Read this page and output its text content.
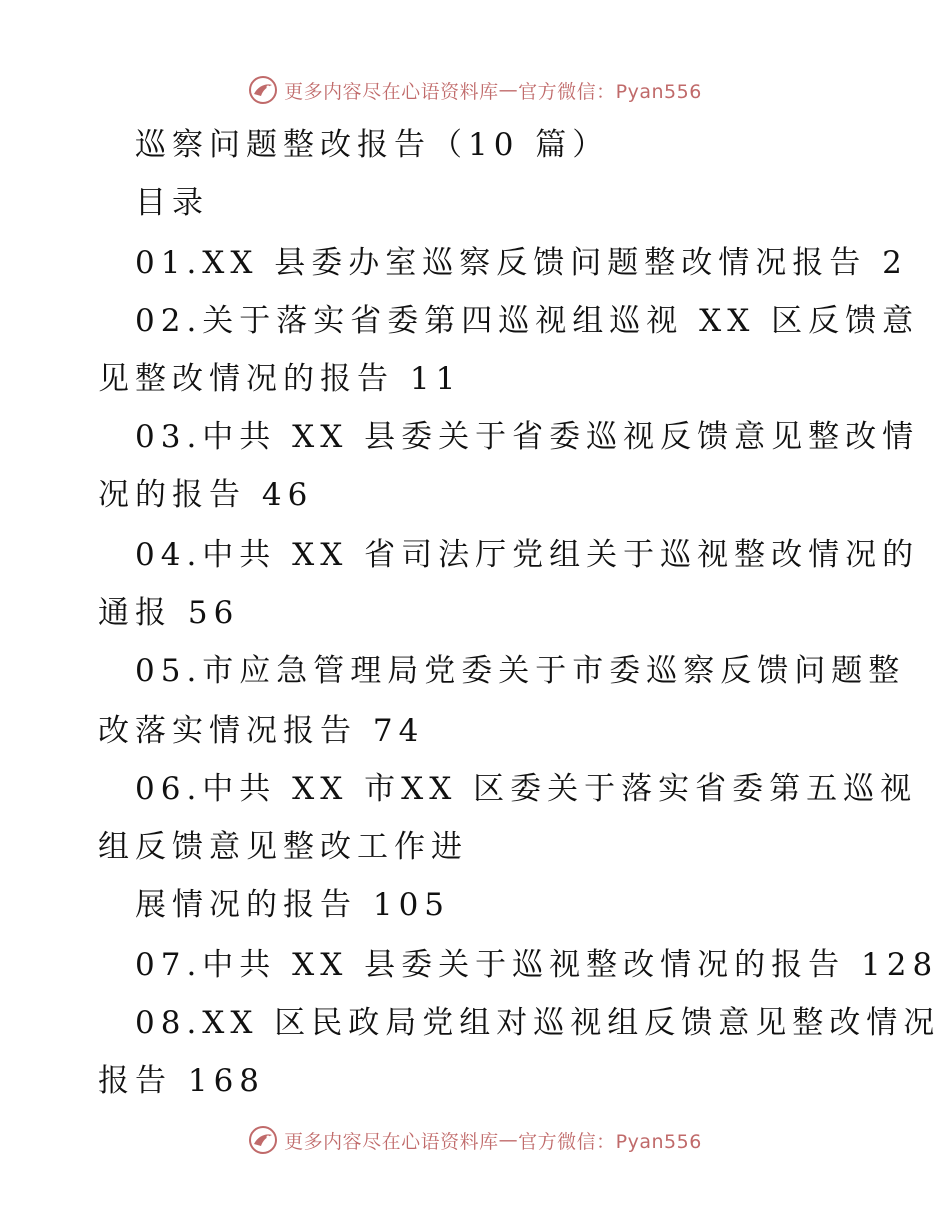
更多内容尽在心语资料库 — 官方微信：Pyan556
巡察问题整改报告（10 篇）
目录
01.XX 县委办室巡察反馈问题整改情况报告 2
02.关于落实省委第四巡视组巡视 XX 区反馈意
见整改情况的报告 11
03.中共 XX 县委关于省委巡视反馈意见整改情
况的报告 46
04.中共 XX 省司法厅党组关于巡视整改情况的
通报 56
05.市应急管理局党委关于市委巡察反馈问题整
改落实情况报告 74
06.中共 XX 市XX 区委关于落实省委第五巡视
组反馈意见整改工作进
展情况的报告 105
07.中共 XX 县委关于巡视整改情况的报告 128
08.XX 区民政局党组对巡视组反馈意见整改情况
报告 168
更多内容尽在心语资料库 — 官方微信：Pyan556
